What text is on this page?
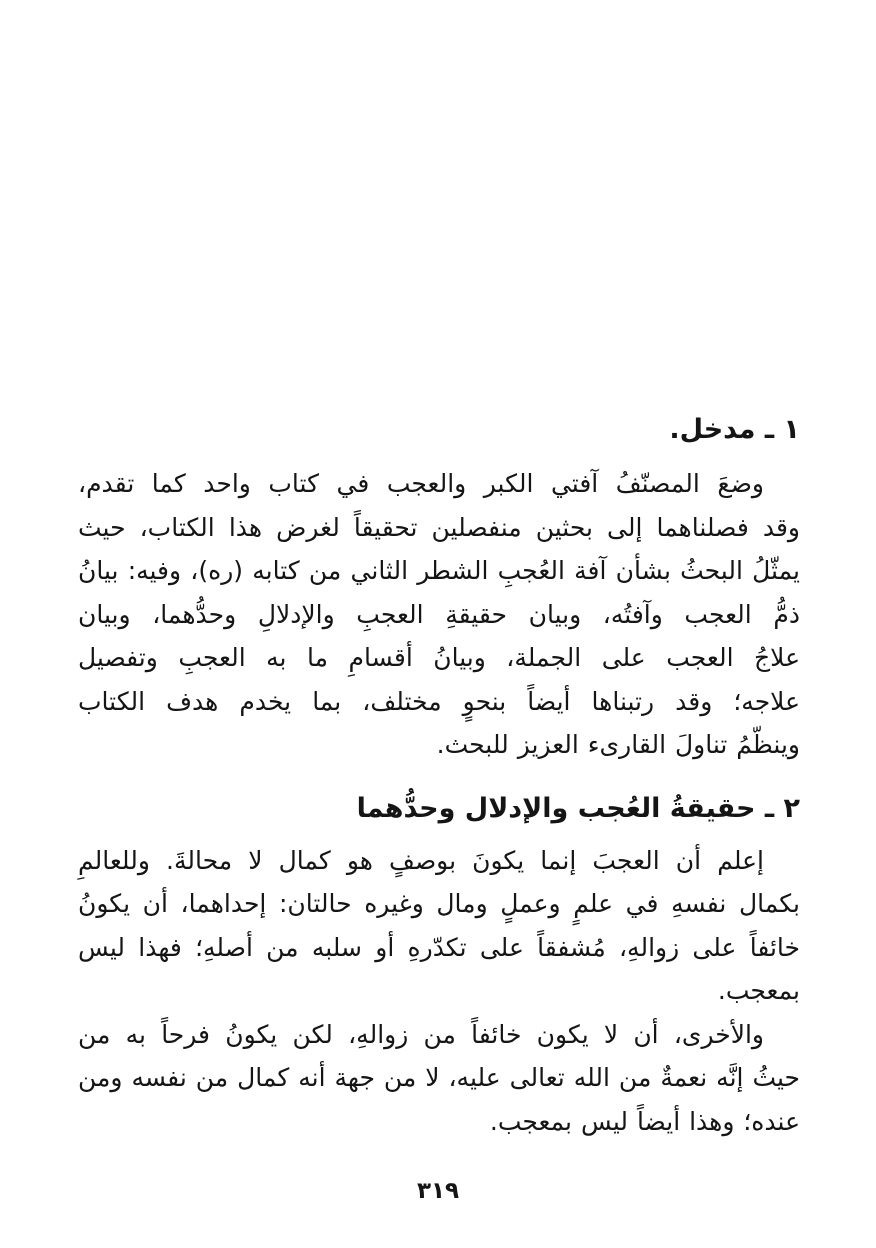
١ ـ مدخل.
وضعَ المصنّفُ آفتي الكبر والعجب في كتاب واحد كما تقدم،
وقد فصلناهما إلى بحثين منفصلين تحقيقاً لغرض هذا الكتاب، حيث
يمثّلُ البحثُ بشأن آفة العُجبِ الشطر الثاني من كتابه (ره)، وفيه: بيانُ
ذمُّ العجب وآفتُه، وبيان حقيقةِ العجبِ والإدلالِ وحدُّهما، وبيان
علاجُ العجب على الجملة، وبيانُ أقسامِ ما به العجبِ وتفصيل
علاجه؛ وقد رتبناها أيضاً بنحوٍ مختلف، بما يخدم هدف الكتاب
وينظّمُ تناولَ القارىء العزيز للبحث.
٢ ـ حقيقةُ العُجب والإدلال وحدُّهما
إعلم أن العجبَ إنما يكونَ بوصفٍ هو كمال لا محالةَ. وللعالمِ
بكمال نفسهِ في علمٍ وعملٍ ومال وغيره حالتان: إحداهما، أن يكونُ
خائفاً على زوالهِ، مُشفقاً على تكدّرهِ أو سلبه من أصلهِ؛ فهذا ليس
بمعجب.
والأخرى، أن لا يكون خائفاً من زوالهِ، لكن يكونُ فرحاً به من
حيثُ إنَّه نعمةٌ من الله تعالى عليه، لا من جهة أنه كمال من نفسه ومن
عنده؛ وهذا أيضاً ليس بمعجب.
٣١٩
